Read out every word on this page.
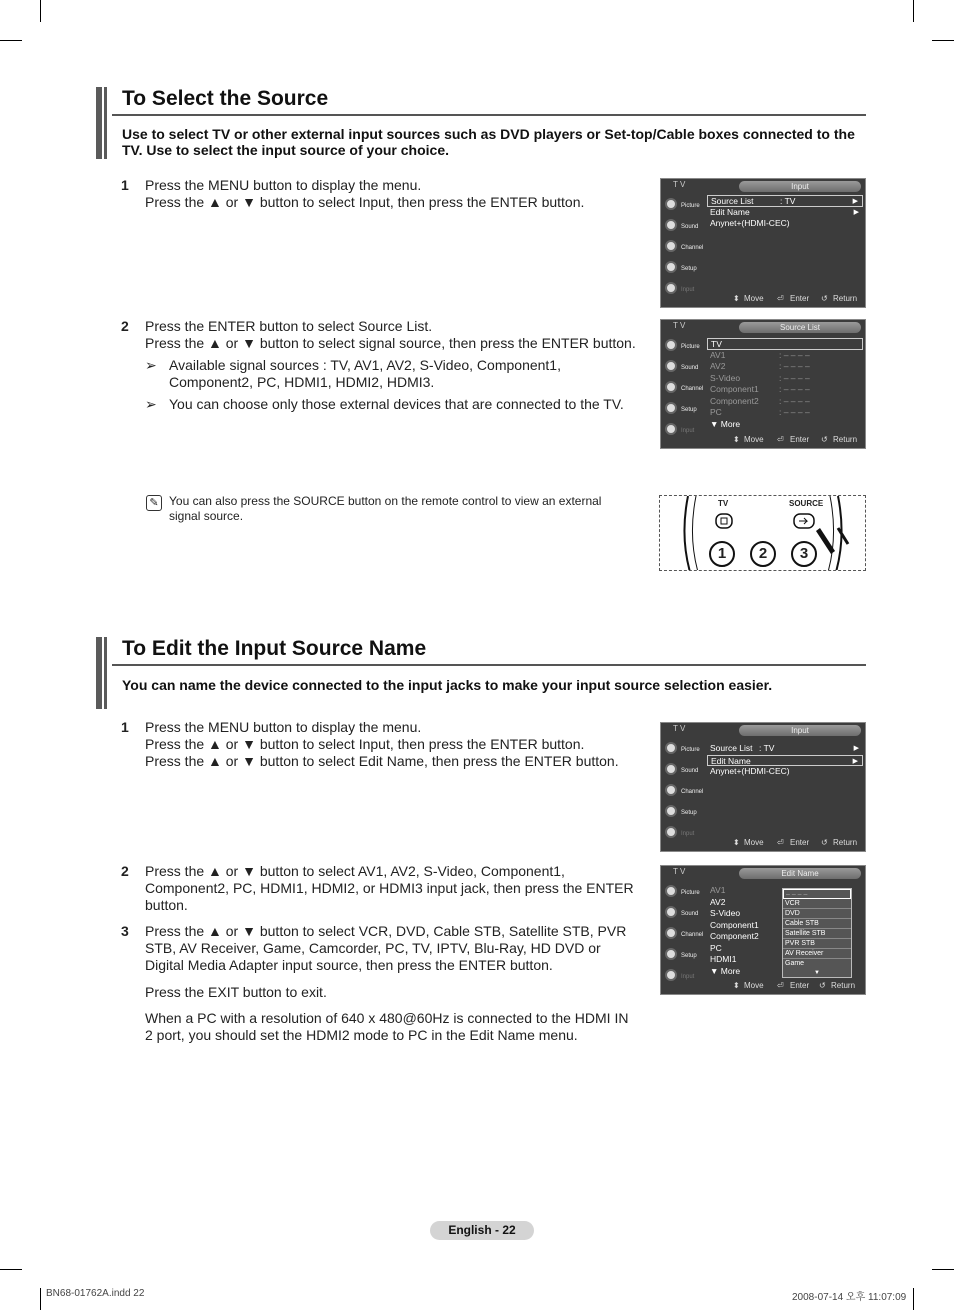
To Select the Source
Use to select TV or other external input sources such as DVD players or Set-top/Cable boxes connected to the TV. Use to select the input source of your choice.
1 Press the MENU button to display the menu.

Press the ▲ or ▼ button to select Input, then press the ENTER button.

2 Press the ENTER button to select Source List.

Press the ▲ or ▼ button to select signal source, then press the ENTER button.

➢ Available signal sources : TV, AV1, AV2, S-Video, Component1, Component2, PC, HDMI1, HDMI2, HDMI3.
➢ You can choose only those external devices that are connected to the TV.
✎ You can also press the SOURCE button on the remote control to view an external signal source.
T V	Input
Picture
Sound
Channel
Setup
Input
Source List	: TV	▶
Edit Name	▶
Anynet+(HDMI-CEC)
⬍ Move ⏎ Enter ↺ Return
T V	Source List
Picture
Sound
Channel
Setup
Input
TV
AV1	: – – – –
AV2	: – – – –
S-Video	: – – – –
Component1 : – – – –
Component2 : – – – –
PC	: – – – –
▼ More
⬍ Move ⏎ Enter ↺ Return
TV	SOURCE
1	2	3
To Edit the Input Source Name
You can name the device connected to the input jacks to make your input source selection easier.
1 Press the MENU button to display the menu.

Press the ▲ or ▼ button to select Input, then press the ENTER button.

Press the ▲ or ▼ button to select Edit Name, then press the ENTER button.

2 Press the ▲ or ▼ button to select AV1, AV2, S-Video, Component1, Component2, PC, HDMI1, HDMI2, or HDMI3 input jack, then press the ENTER button.
3 Press the ▲ or ▼ button to select VCR, DVD, Cable STB, Satellite STB, PVR STB, AV Receiver, Game, Camcorder, PC, TV, IPTV, Blu-Ray, HD DVD or Digital Media Adapter input source, then press the ENTER button.
Press the EXIT button to exit.
When a PC with a resolution of 640 x 480@60Hz is connected to the HDMI IN 2 port, you should set the HDMI2 mode to PC in the Edit Name menu.
T V	Input
Picture
Sound
Channel
Setup
Input
Source List : TV	▶
Edit Name	▶
Anynet+(HDMI-CEC)
⬍ Move ⏎ Enter ↺ Return
T V	Edit Name
Picture
Sound
Channel
Setup
Input
AV1
AV2
S-Video
Component1
Component2
PC
HDMI1
▼ More
– – – –
VCR
DVD
Cable STB
Satellite STB
PVR STB
AV Receiver
Game
▼
⬍ Move ⏎ Enter ↺ Return
English - 22
BN68-01762A.indd 22	2008-07-14 오후 11:07:09
